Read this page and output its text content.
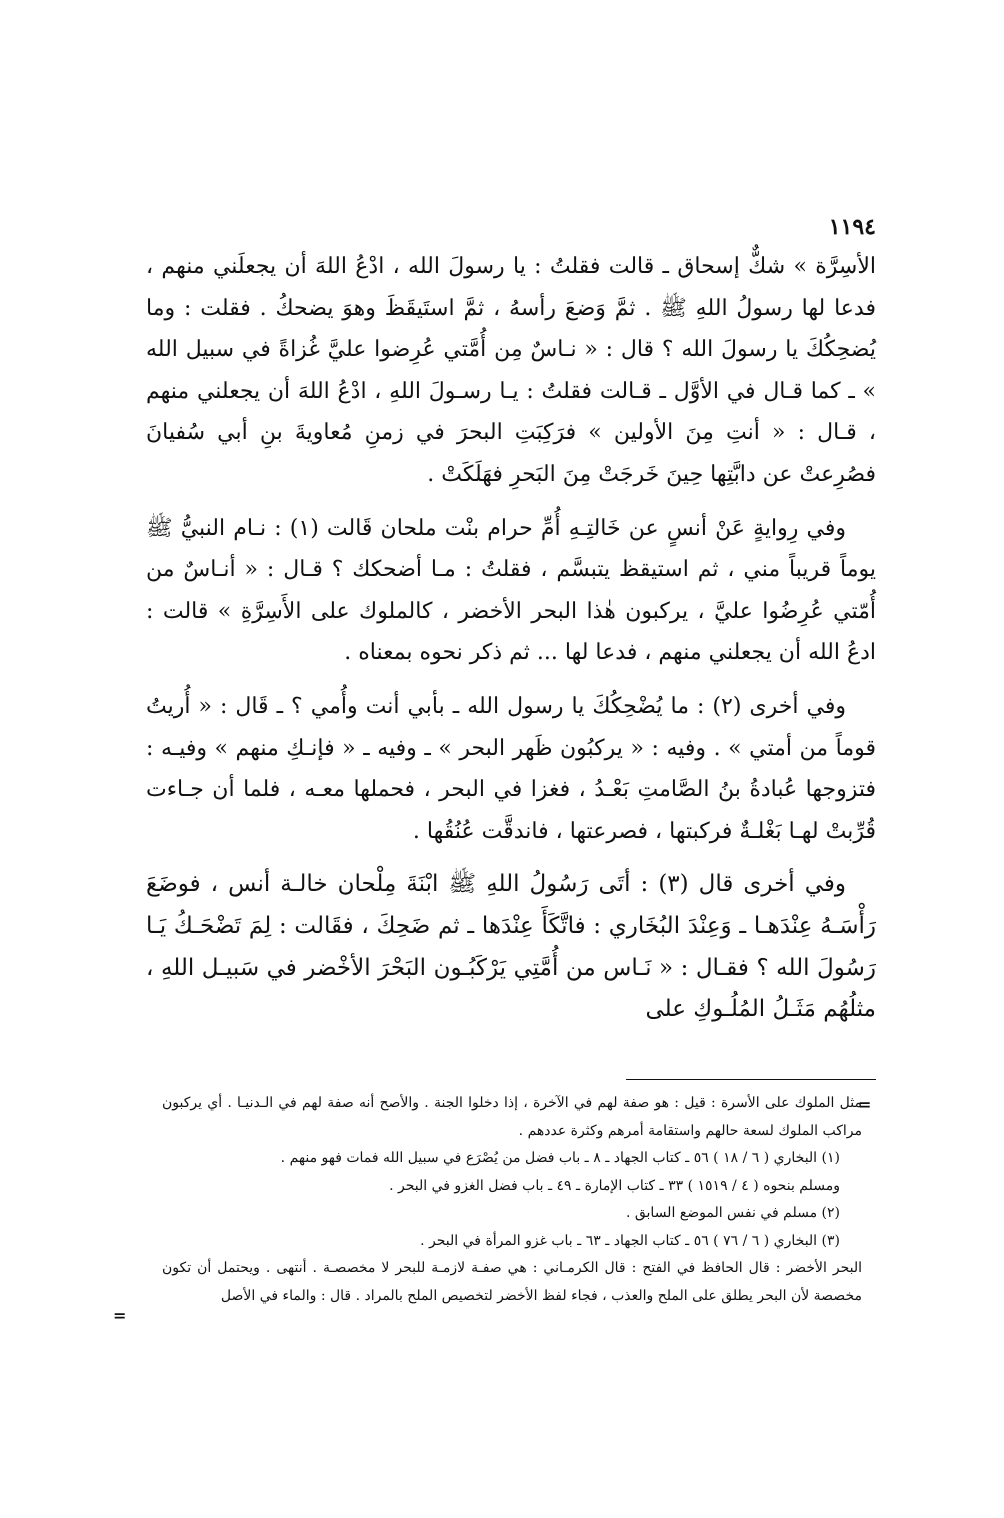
١١٩٤

الأسِرَّة » شكٌّ إسحاق ـ قالت فقلتُ : يا رسولَ الله ، ادْعُ اللهَ أن يجعلَني منهم ، فدعا لها رسولُ اللهِ ﷺ . ثمَّ وَضعَ رأسهُ ، ثمَّ استَيقَظَ وهوَ يضحكُ . فقلت : وما يُضحِكُكَ يا رسولَ الله ؟ قال : « نـاسٌ مِن أُمَّتي عُرِضوا عليَّ غُزاةً في سبيل الله » ـ كما قـال في الأوَّل ـ قـالت فقلتُ : يـا رسـولَ اللهِ ، ادْعُ اللهَ أن يجعلني منهم ، قـال : « أنتِ مِنَ الأولين » فرَكِبَتِ البحرَ في زمنِ مُعاويةَ بنِ أبي سُفيانَ فصُرِعتْ عن دابَّتِها حِينَ خَرجَتْ مِنَ البَحرِ فهَلَكَتْ .

وفي رِوايةٍ عَنْ أنسٍ عن خَالتِـهِ أُمِّ حرام بنْت ملحان قَالت (١) : نـام النبيُّ ﷺ يوماً قريباً مني ، ثم استيقظ يتبسَّم ، فقلتُ : مـا أضحكك ؟ قـال : « أنـاسٌ من أُمّتي عُرِضُوا عليَّ ، يركبون هٰذا البحر الأخضر ، كالملوك على الأَسِرَّةِ » قالت : ادعُ الله أن يجعلني منهم ، فدعا لها ... ثم ذكر نحوه بمعناه .

وفي أخرى (٢) : ما يُضْحِكُكَ يا رسول الله ـ بأبي أنت وأُمي ؟ ـ قَال : « أُريتُ قوماً من أمتي » . وفيه : « يركبُون ظَهر البحر » ـ وفيه ـ « فإنـكِ منهم » وفيـه : فتزوجها عُبادةُ بنُ الصَّامتِ بَعْـدُ ، فغزا في البحر ، فحملها معـه ، فلما أن جـاءت قُرِّبتْ لهـا بَغْلـةٌ فركبتها ، فصرعتها ، فاندقَّت عُنُقُها .

وفي أخرى قال (٣) : أتَى رَسُولُ اللهِ ﷺ ابْنَةَ مِلْحان خالـة أنس ، فوضَعَ رَأْسَـهُ عِنْدَهـا ـ وَعِنْدَ البُخَاري : فاتَّكَأَ عِنْدَها ـ ثم ضَحِكَ ، فقَالت : لِمَ تَضْحَـكُ يَـا رَسُولَ الله ؟ فقـال : « نَـاس من أُمَّتِي يَرْكَبُـون البَحْرَ الأخْضر في سَبيـل اللهِ ، مثلُهُم مَثَـلُ المُلُـوكِ على

=

مثل الملوك على الأسرة : قيل : هو صفة لهم في الآخرة ، إذا دخلوا الجنة . والأصح أنه صفة لهم في الـدنيـا . أي يركبون مراكب الملوك لسعة حالهم واستقامة أمرهم وكثرة عددهم .

(١) البخاري ( ٦ / ١٨ ) ٥٦ ـ كتاب الجهاد ـ ٨ ـ باب فضل من يُصْرَع في سبيل الله فمات فهو منهم .

ومسلم بنحوه ( ٤ / ١٥١٩ ) ٣٣ ـ كتاب الإمارة ـ ٤٩ ـ باب فضل الغزو في البحر .

(٢) مسلم في نفس الموضع السابق .

(٣) البخاري ( ٦ / ٧٦ ) ٥٦ ـ كتاب الجهاد ـ ٦٣ ـ باب غزو المرأة في البحر .

البحر الأخضر : قال الحافظ في الفتح : قال الكرمـاني : هي صفـة لازمـة للبحر لا مخصصـة . أنتهى . ويحتمل أن تكون مخصصة لأن البحر يطلق على الملح والعذب ، فجاء لفظ الأخضر لتخصيص الملح بالمراد . قال : والماء في الأصل

=
